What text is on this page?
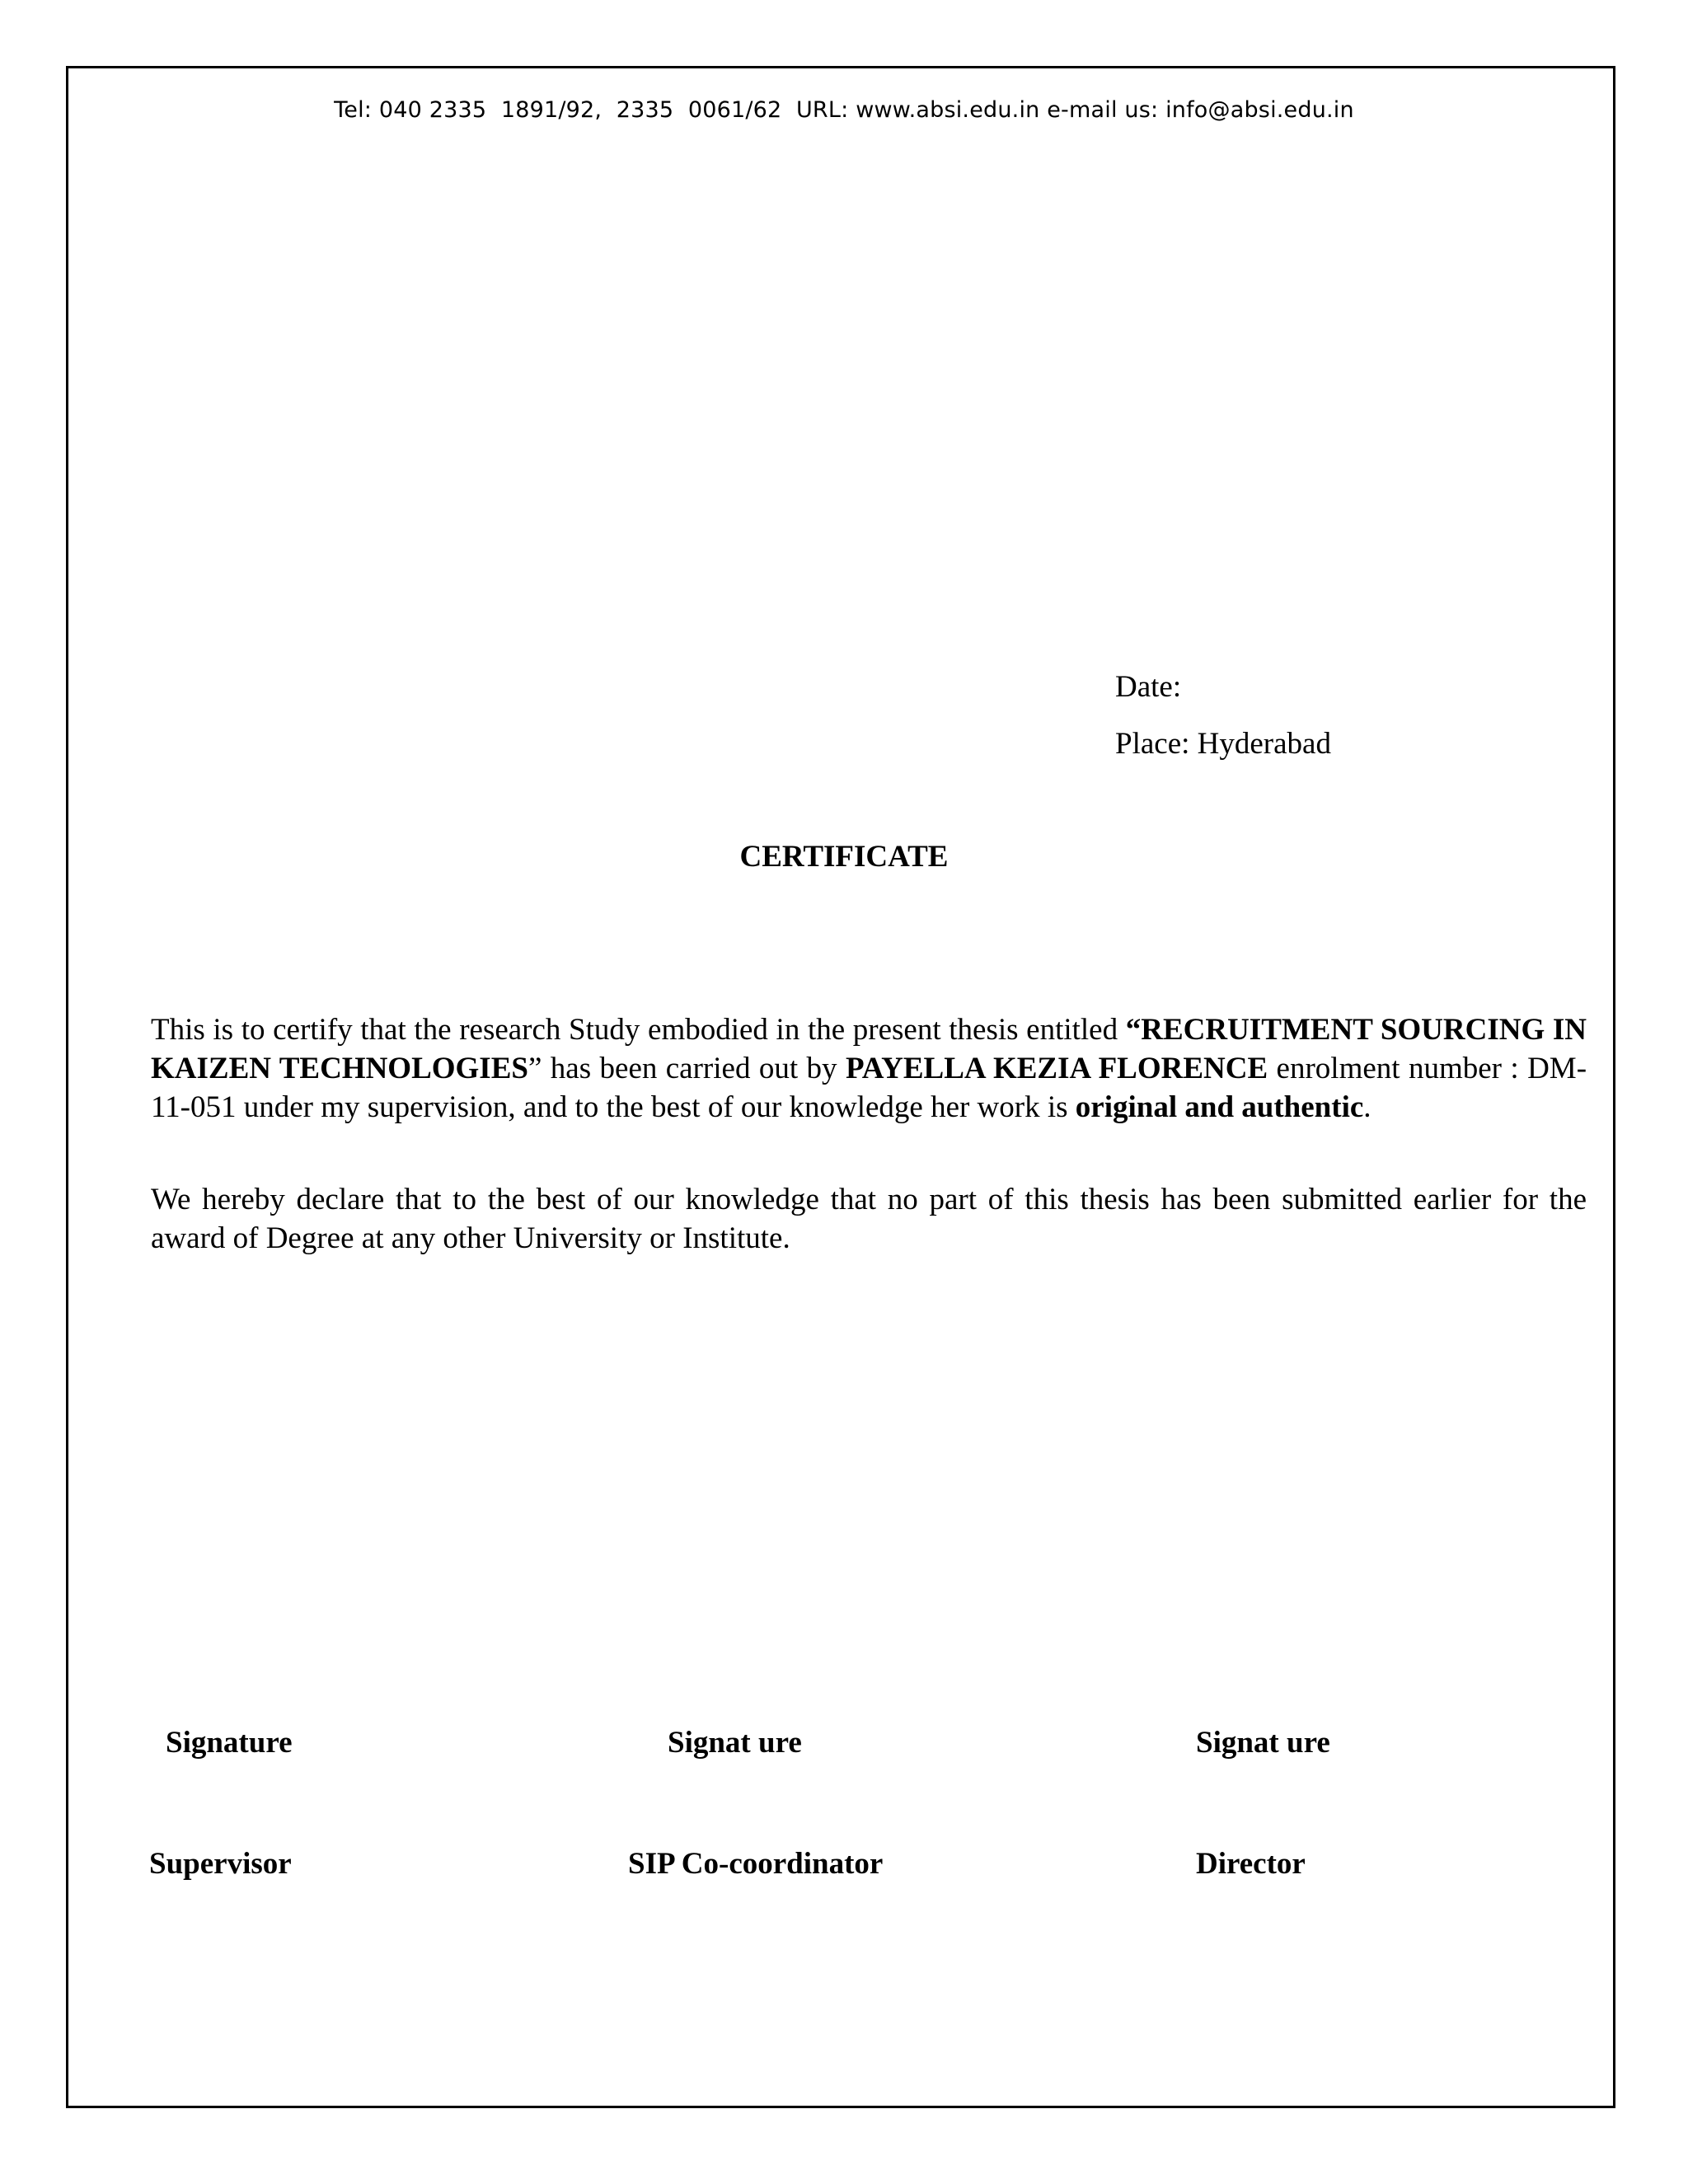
Tel: 040 2335  1891/92,  2335  0061/62  URL: www.absi.edu.in e-mail us: info@absi.edu.in
Date:
Place: Hyderabad
CERTIFICATE
This is to certify that the research Study embodied in the present thesis entitled “RECRUITMENT SOURCING IN KAIZEN TECHNOLOGIES” has been carried out by PAYELLA KEZIA FLORENCE enrolment number : DM-11-051 under my supervision, and to the best of our knowledge her work is original and authentic.
We hereby declare that to the best of our knowledge that no part of this thesis has been submitted earlier for the award of Degree at any other University or Institute.

Signature

Supervisor

Signat ure

SIP Co-coordinator

Signat ure

Director
